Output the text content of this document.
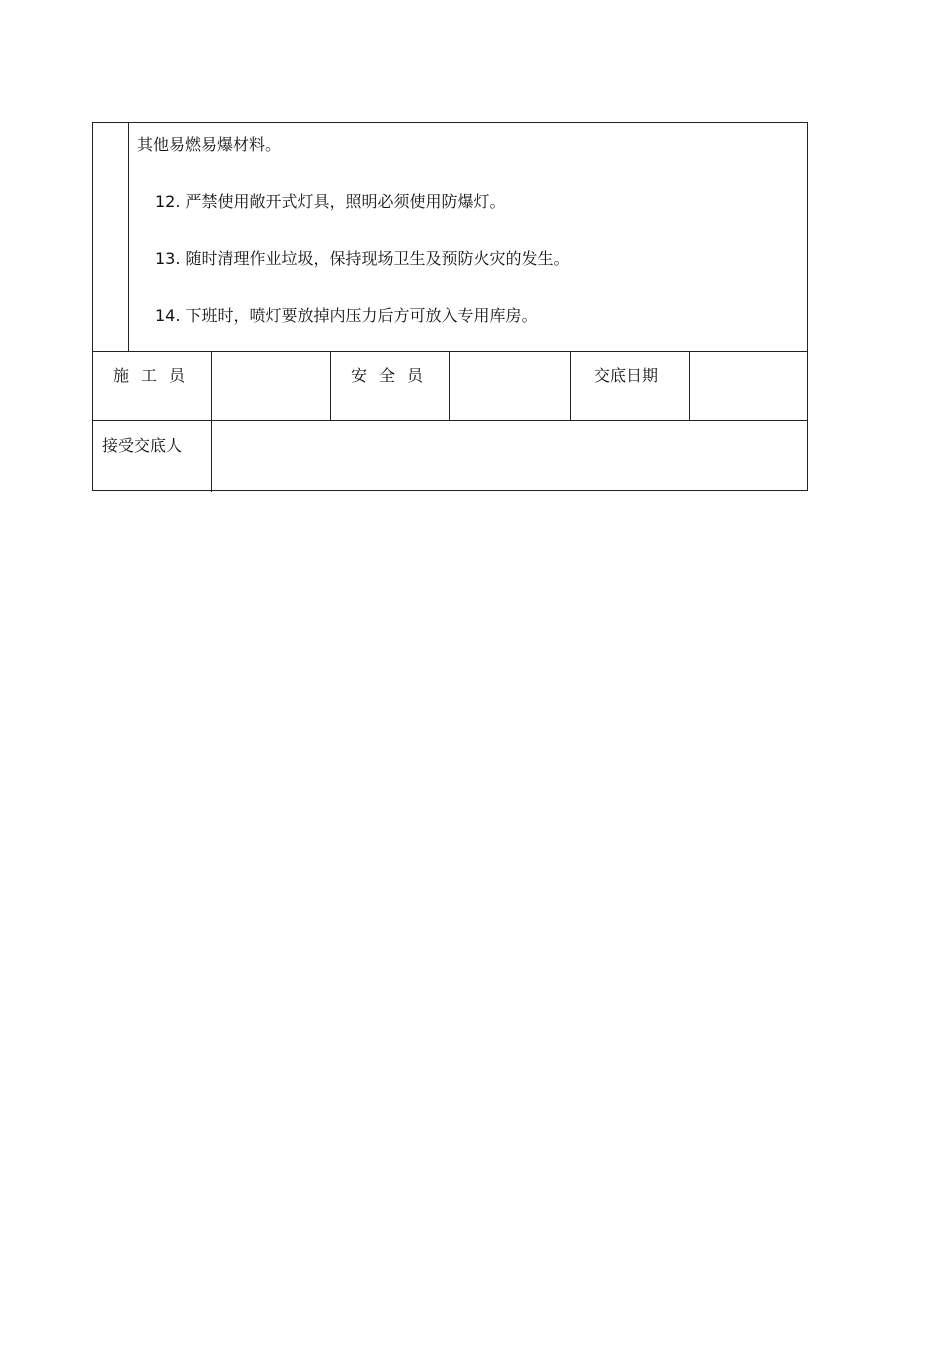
其他易燃易爆材料。
12. 严禁使用敞开式灯具，照明必须使用防爆灯。
13. 随时清理作业垃圾，保持现场卫生及预防火灾的发生。
14. 下班时，喷灯要放掉内压力后方可放入专用库房。
施工员	安全员	交底日期
接受交底人
